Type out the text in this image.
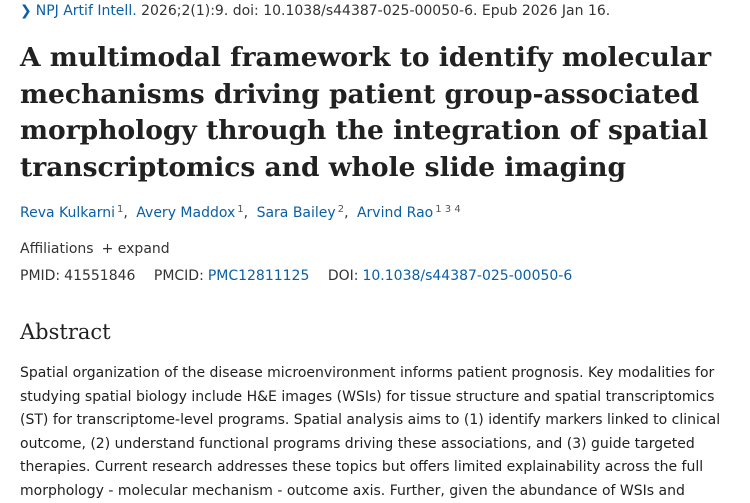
❯ NPJ Artif Intell. 2026;2(1):9. doi: 10.1038/s44387-025-00050-6. Epub 2026 Jan 16.
A multimodal framework to identify molecular mechanisms driving patient group-associated morphology through the integration of spatial transcriptomics and whole slide imaging
Reva Kulkarni $^1$, Avery Maddox $^1$, Sara Bailey $^2$, Arvind Rao $^{1 3 4}$
Affiliations + expand
PMID: 41551846 PMCID: PMC12811125 DOI: 10.1038/s44387-025-00050-6
Abstract

Spatial organization of the disease microenvironment informs patient prognosis. Key modalities for studying spatial biology include H&E images (WSIs) for tissue structure and spatial transcriptomics (ST) for transcriptome-level programs. Spatial analysis aims to (1) identify markers linked to clinical outcome, (2) understand functional programs driving these associations, and (3) guide targeted therapies. Current research addresses these topics but offers limited explainability across the full morphology - molecular mechanism - outcome axis. Further, given the abundance of WSIs and
